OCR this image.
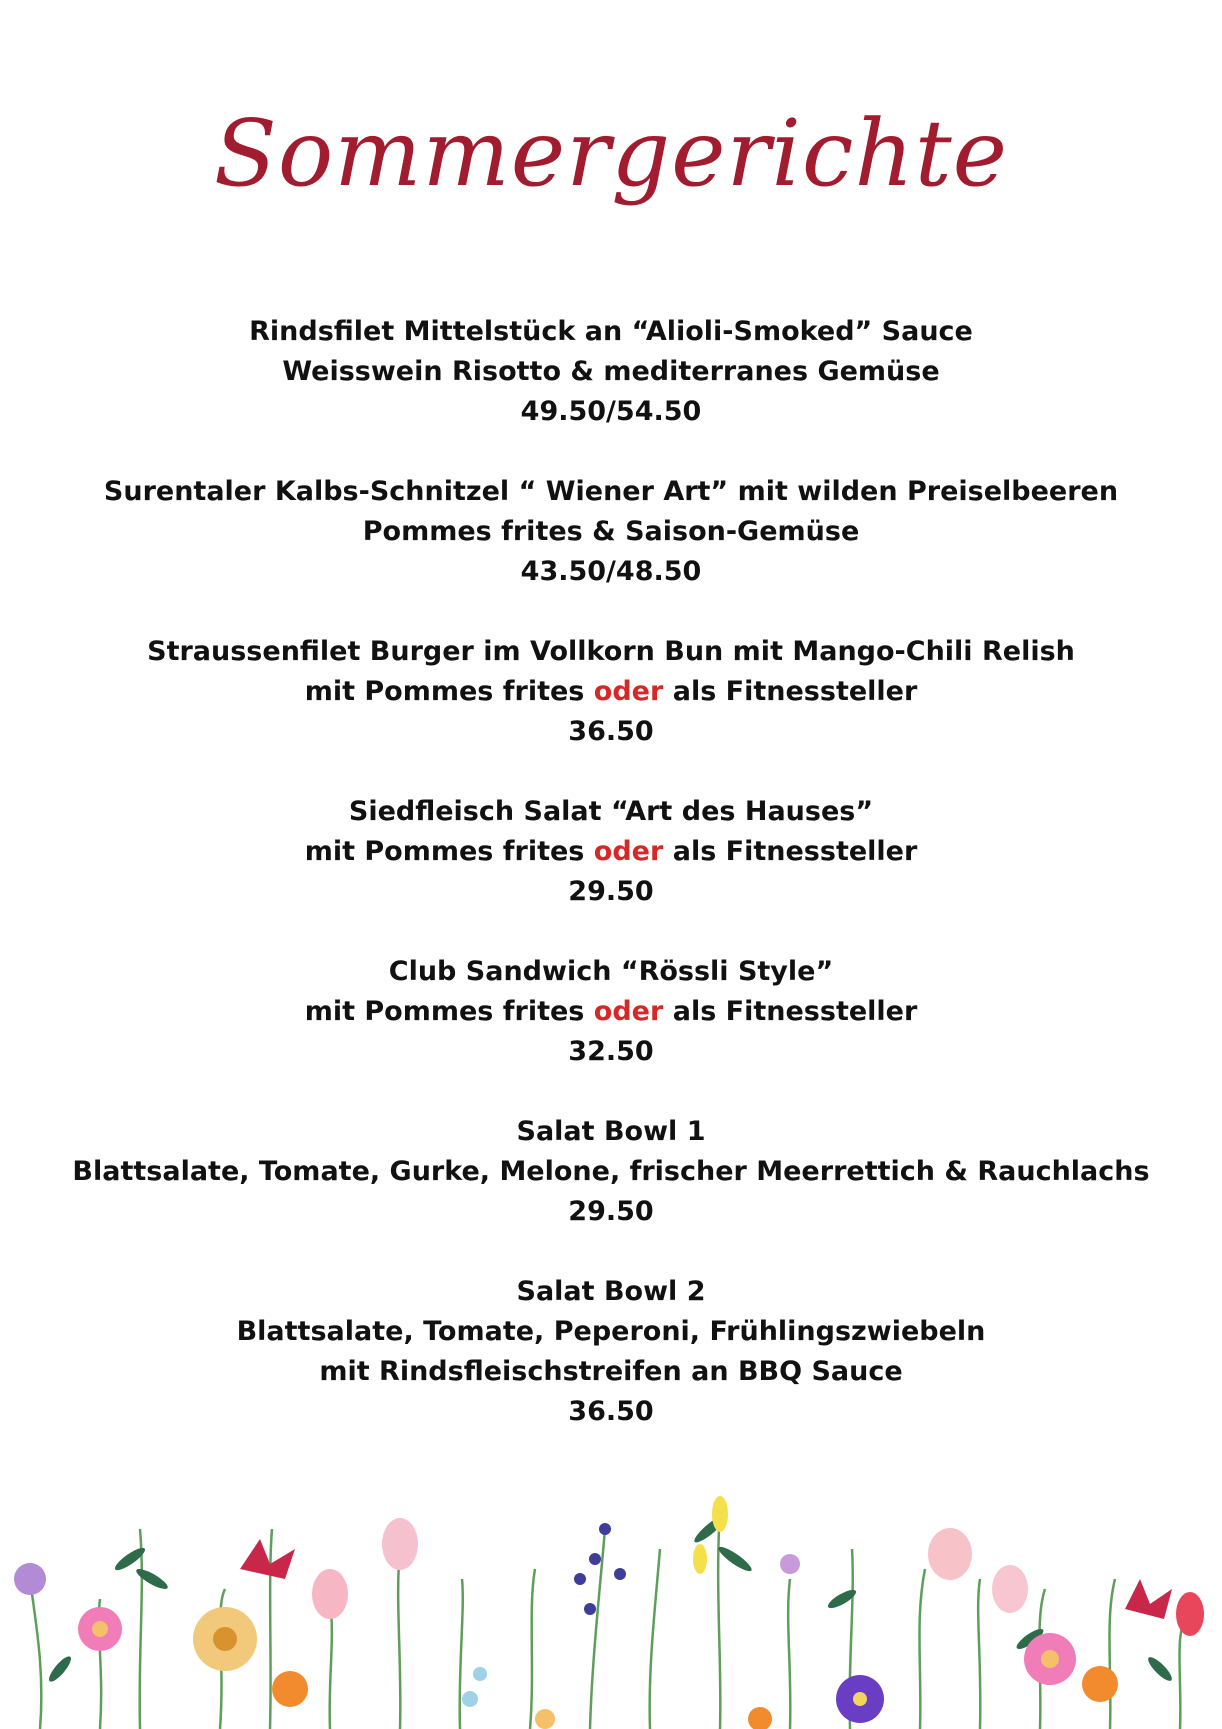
Sommergerichte
Rindsfilet Mittelstück an “Alioli-Smoked” Sauce
Weisswein Risotto & mediterranes Gemüse
49.50/54.50
Surentaler Kalbs-Schnitzel “ Wiener Art” mit wilden Preiselbeeren
Pommes frites & Saison-Gemüse
43.50/48.50
Straussenfilet Burger im Vollkorn Bun mit Mango-Chili Relish
mit Pommes frites oder als Fitnessteller
36.50
Siedfleisch Salat “Art des Hauses”
mit Pommes frites oder als Fitnessteller
29.50
Club Sandwich “Rössli Style”
mit Pommes frites oder als Fitnessteller
32.50
Salat Bowl 1
Blattsalate, Tomate, Gurke, Melone, frischer Meerrettich & Rauchlachs
29.50
Salat Bowl 2
Blattsalate, Tomate, Peperoni, Frühlingszwiebeln
mit Rindsfleischstreifen an BBQ Sauce
36.50
